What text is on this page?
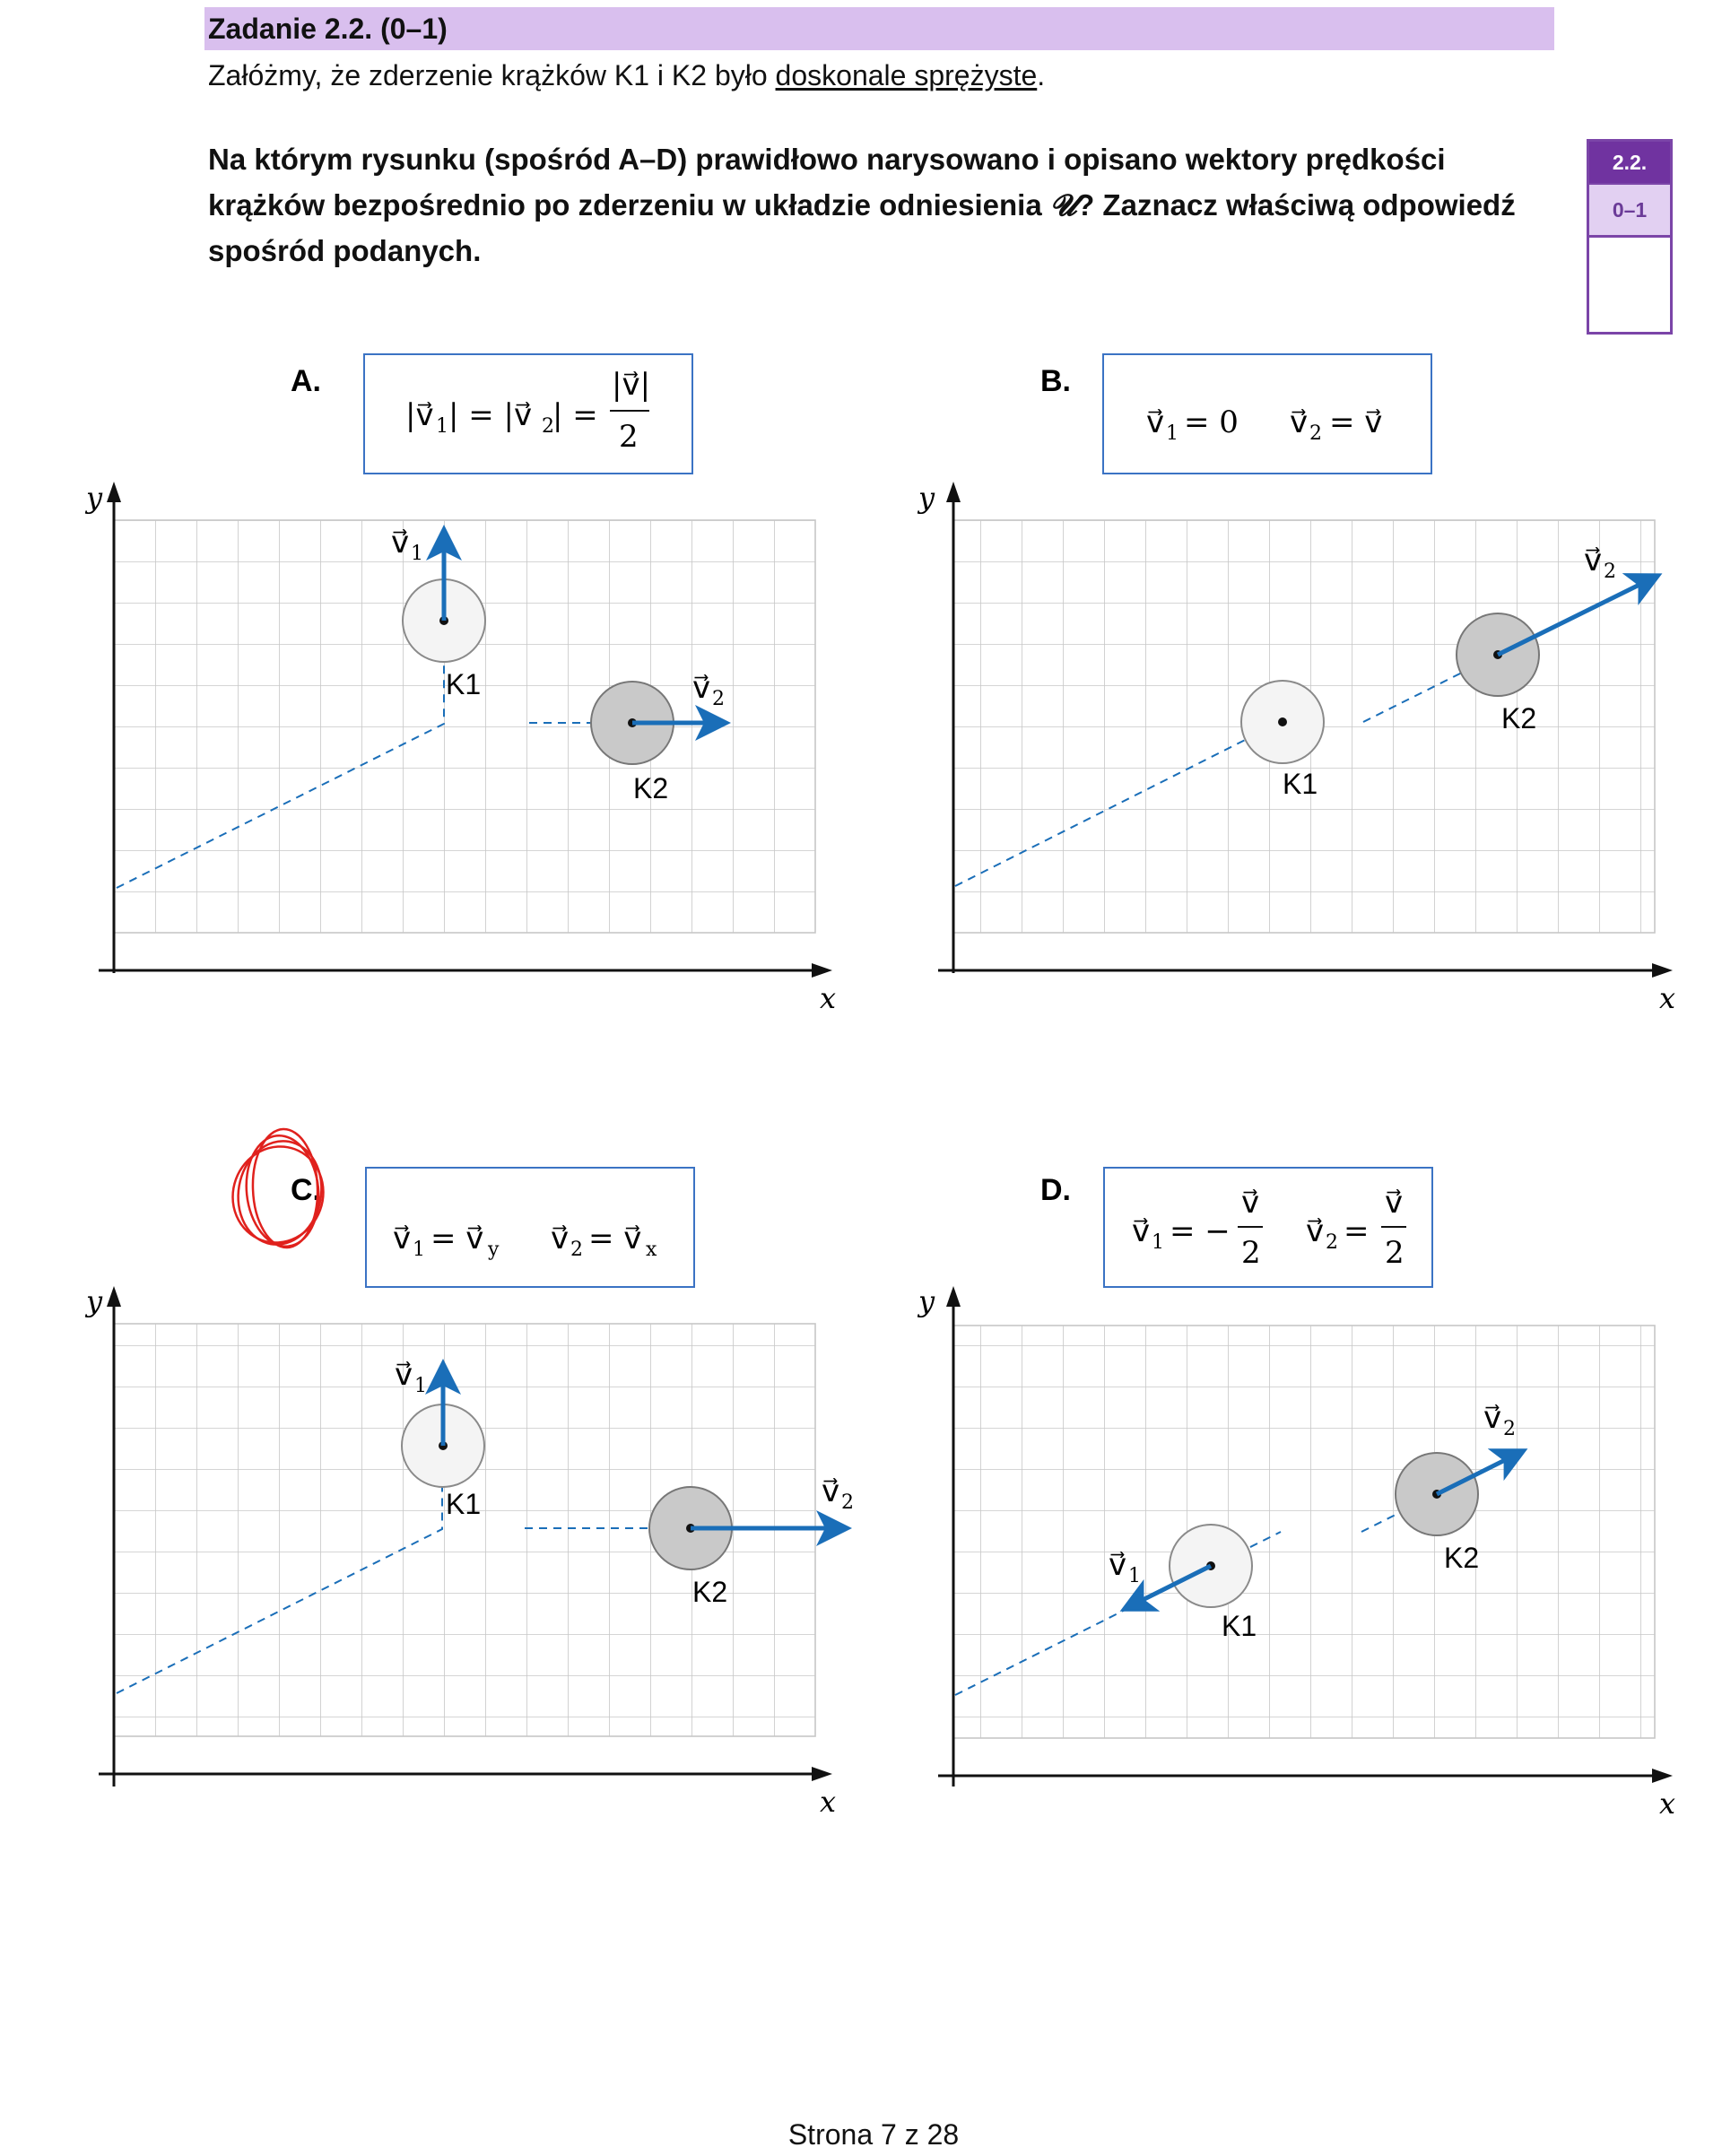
Zadanie 2.2. (0–1)
Załóżmy, że zderzenie krążków K1 i K2 było doskonale sprężyste.
Na którym rysunku (spośród A–D) prawidłowo narysowano i opisano wektory prędkości krążków bezpośrednio po zderzeniu w układzie odniesienia 𝓤? Zaznacz właściwą odpowiedź spośród podanych.
2.2.
0–1
A.
|v⃗ 1 | = |v⃗ 2
| =
|v⃗|
2
y
x
v⃗ 1
v⃗ 2
K1
K2
B.
v⃗ 1 = 0 v⃗ 2 = v⃗
y
x
v⃗ 2
K1
K2
C.
v⃗ 1 = v⃗ y v⃗ 2 = v⃗ x
y
x
v⃗ 1
v⃗ 2
K1
K2
D.
v⃗ 1 = −
v⃗
2
v⃗ 2 =
v⃗
2
y
x
v⃗ 1
v⃗ 2
K1
K2
Strona 7 z 28
